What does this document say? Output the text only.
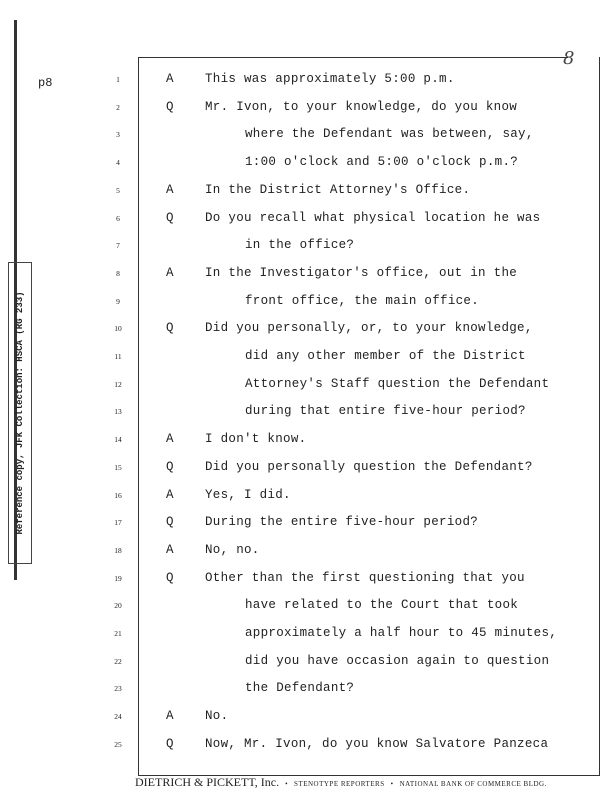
Reference copy, JFK Collection: HSCA (RG 233)
p8
8
1	A	This was approximately 5:00 p.m.
2	Q	Mr. Ivon, to your knowledge, do you know
3	where the Defendant was between, say,
4	1:00 o'clock and 5:00 o'clock p.m.?
5	A	In the District Attorney's Office.
6	Q	Do you recall what physical location he was
7	in the office?
8	A	In the Investigator's office, out in the
9	front office, the main office.
10	Q	Did you personally, or, to your knowledge,
11	did any other member of the District
12	Attorney's Staff question the Defendant
13	during that entire five-hour period?
14	A	I don't know.
15	Q	Did you personally question the Defendant?
16	A	Yes, I did.
17	Q	During the entire five-hour period?
18	A	No, no.
19	Q	Other than the first questioning that you
20	have related to the Court that took
21	approximately a half hour to 45 minutes,
22	did you have occasion again to question
23	the Defendant?
24	A	No.
25	Q	Now, Mr. Ivon, do you know Salvatore Panzeca
DIETRICH & PICKETT, Inc. • STENOTYPE REPORTERS • NATIONAL BANK OF COMMERCE BLDG.
